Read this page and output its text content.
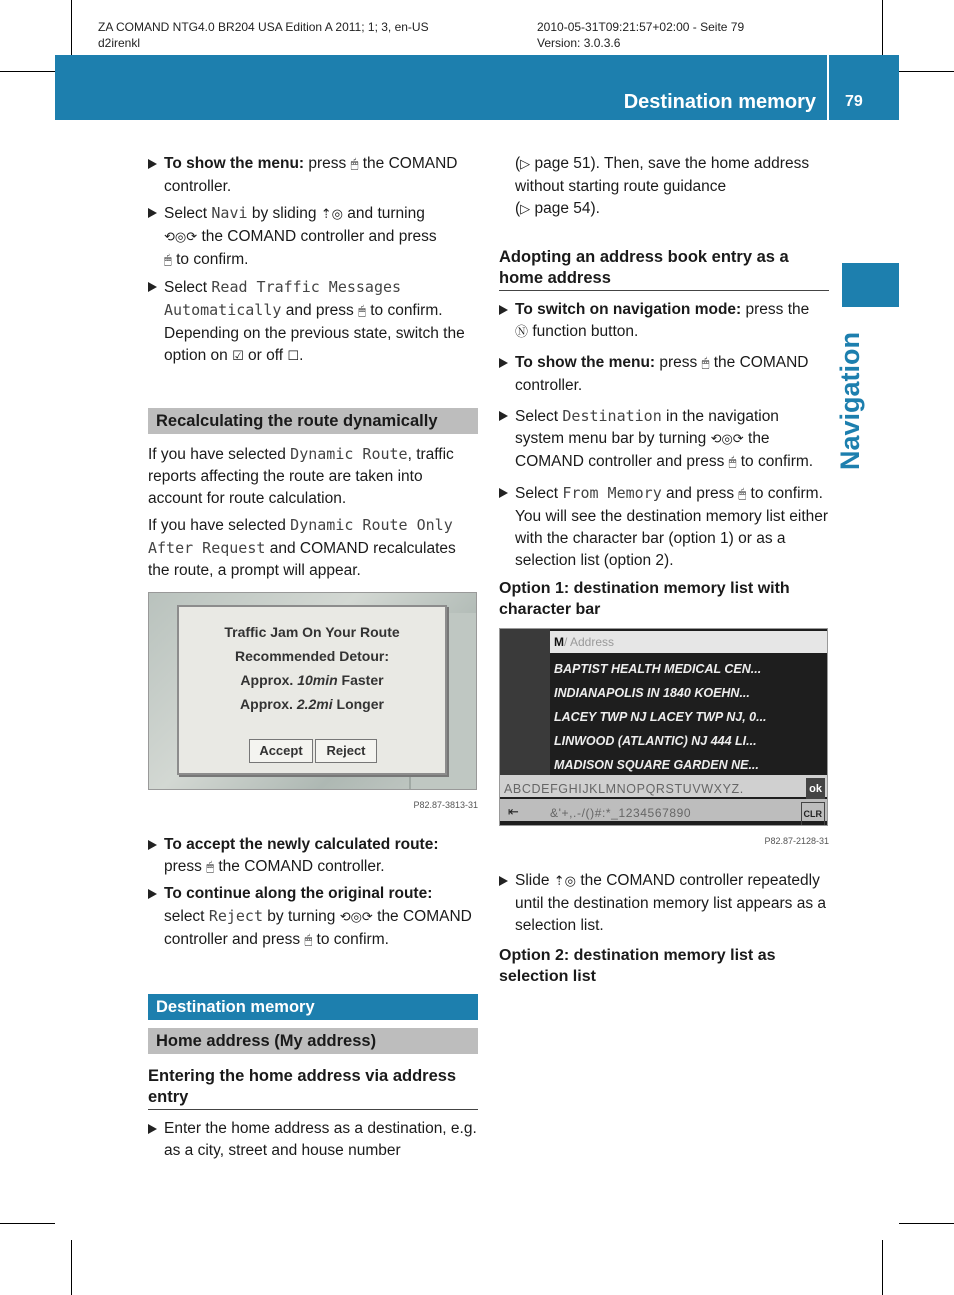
ZA COMAND NTG4.0 BR204 USA Edition A 2011; 1; 3, en-US
d2irenkl
2010-05-31T09:21:57+02:00 - Seite 79
Version: 3.0.3.6
Destination memory 79
Navigation
To show the menu: press 🖱 the COMAND controller.
Select Navi by sliding ⇡◎ and turning
⟲◎⟳ the COMAND controller and press
🖱 to confirm.
Select Read Traffic Messages Automatically and press 🖱 to confirm.
Depending on the previous state, switch the option on ☑ or off ☐.
Recalculating the route dynamically
If you have selected Dynamic Route, traffic reports affecting the route are taken into account for route calculation.
If you have selected Dynamic Route Only After Request and COMAND recalculates the route, a prompt will appear.
Traffic Jam On Your Route
Recommended Detour:
Approx. 10min Faster
Approx. 2.2mi Longer
Accept	Reject
P82.87-3813-31
To accept the newly calculated route:
press 🖱 the COMAND controller.
To continue along the original route:
select Reject by turning ⟲◎⟳ the COMAND controller and press 🖱 to confirm.
Destination memory
Home address (My address)
Entering the home address via address entry
Enter the home address as a destination, e.g. as a city, street and house number
(▷ page 51). Then, save the home address without starting route guidance
(▷ page 54).
Adopting an address book entry as a home address
To switch on navigation mode: press the
Ⓝ function button.
To show the menu: press 🖱 the COMAND controller.
Select Destination in the navigation system menu bar by turning ⟲◎⟳ the COMAND controller and press 🖱 to confirm.
Select From Memory and press 🖱 to confirm.
You will see the destination memory list either with the character bar (option 1) or as a selection list (option 2).
Option 1: destination memory list with character bar
M/ Address
BAPTIST HEALTH MEDICAL CEN...
INDIANAPOLIS IN 1840 KOEHN...
LACEY TWP NJ LACEY TWP NJ, 0...
LINWOOD (ATLANTIC) NJ 444 LI...
MADISON SQUARE GARDEN NE...
ABCDEFGHIJKLMNOPQRSTUVWXYZ.	ok
⇤	&'+,.-/()#:*_1234567890	CLR
P82.87-2128-31
Slide ⇡◎ the COMAND controller repeatedly until the destination memory list appears as a selection list.
Option 2: destination memory list as selection list
